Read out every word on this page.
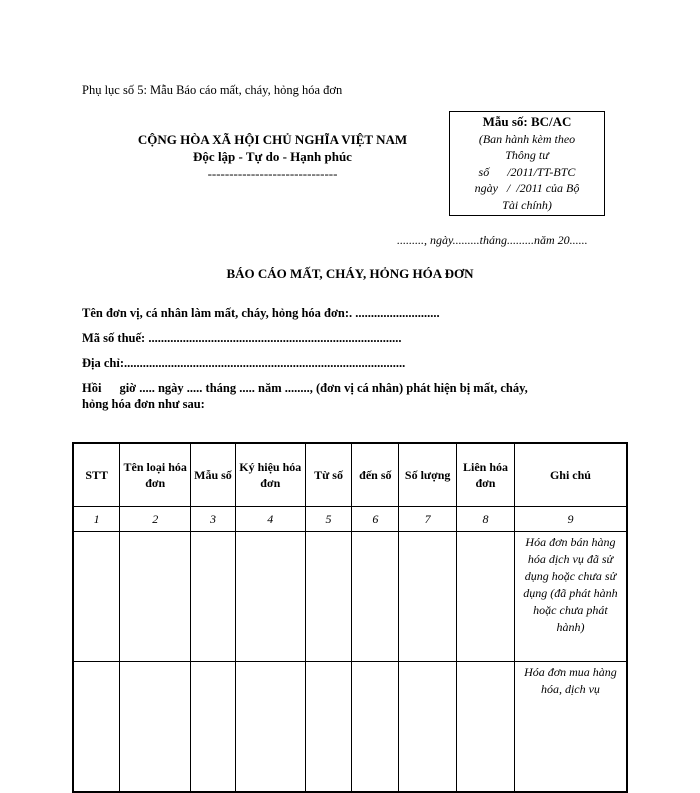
Phụ lục số 5: Mẫu Báo cáo mất, cháy, hỏng hóa đơn
CỘNG HÒA XÃ HỘI CHỦ NGHĨA VIỆT NAM
Độc lập - Tự do - Hạnh phúc
------------------------------
Mẫu số: BC/AC
(Ban hành kèm theo
Thông tư
số      /2011/TT-BTC
ngày   /  /2011 của Bộ
Tài chính)
........., ngày.........tháng.........năm 20......
BÁO CÁO MẤT, CHÁY, HỎNG HÓA ĐƠN
Tên đơn vị, cá nhân làm mất, cháy, hỏng hóa đơn:. ...........................
Mã số thuế: .................................................................................
Địa chỉ:..........................................................................................
Hồi giờ ..... ngày ..... tháng ..... năm ........, (đơn vị cá nhân) phát hiện bị mất, cháy,
hỏng hóa đơn như sau:
STT	Tên loại hóa đơn	Mẫu số	Ký hiệu hóa đơn	Từ số	đến số	Số lượng	Liên hóa đơn	Ghi chú
1	2	3	4	5	6	7	8	9
								Hóa đơn bán hàng hóa dịch vụ đã sử dụng hoặc chưa sử dụng (đã phát hành hoặc chưa phát hành)
								Hóa đơn mua hàng hóa, dịch vụ
